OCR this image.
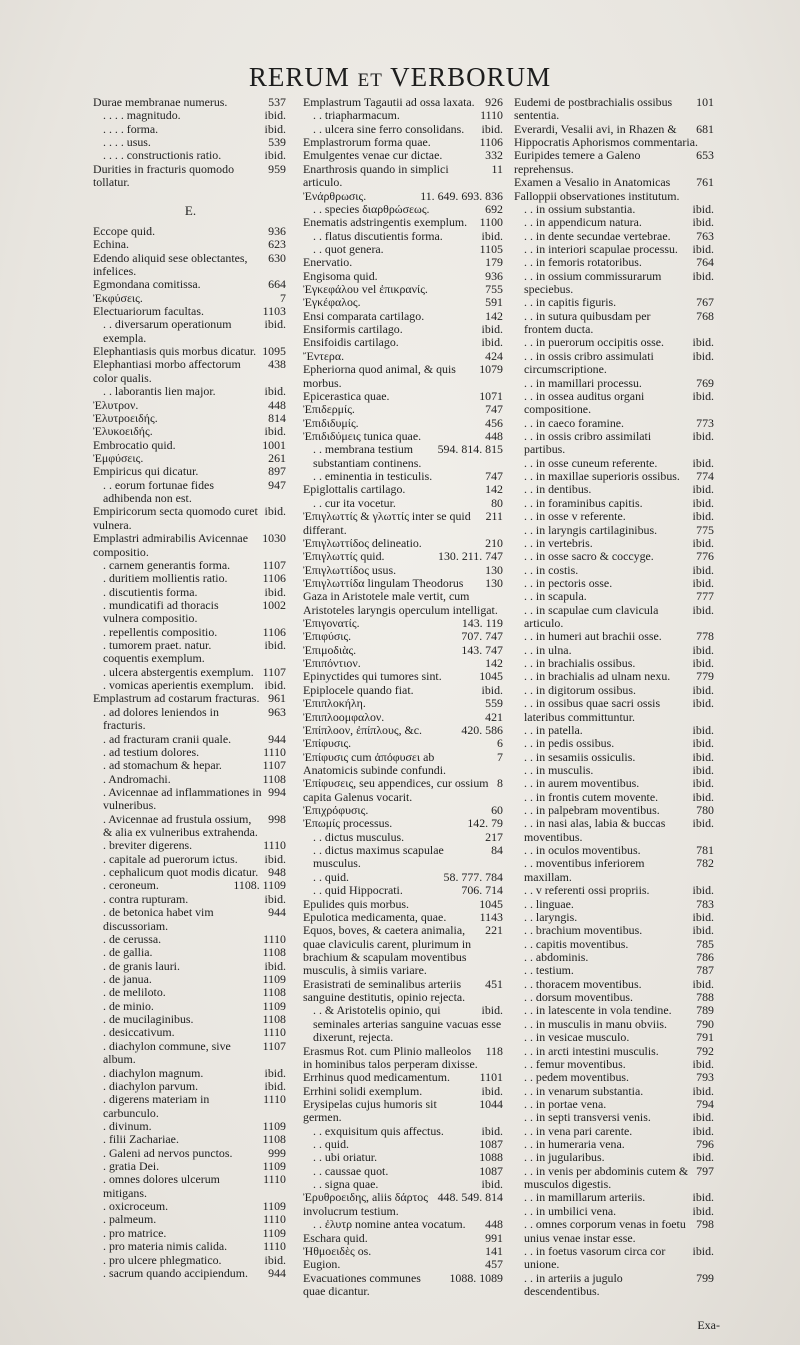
RERUM ET VERBORUM
537
Durae membranae numerus.
ibid.
. . . . magnitudo.
ibid.
. . . . forma.
539
. . . . usus.
ibid.
. . . . constructionis ratio.
959
Durities in fracturis quomodo tollatur.
E.
936
Eccope quid.
623
Echina.
630
Edendo aliquid sese oblectantes, infelices.
664
Egmondana comitissa.
7
Ἐκφύσεις.
1103
Electuariorum facultas.
ibid.
. . diversarum operationum exempla.
1095
Elephantiasis quis morbus dicatur.
438
Elephantiasi morbo affectorum color qualis.
ibid.
. . laborantis lien major.
448
Ἐλυτρον.
814
Ἐλυτροειδής.
ibid.
Ἐλυκοειδής.
1001
Embrocatio quid.
261
Ἐμφύσεις.
897
Empiricus qui dicatur.
947
. . eorum fortunae fides adhibenda non est.
ibid.
Empiricorum secta quomodo curet vulnera.
1030
Emplastri admirabilis Avicennae compositio.
1107
. carnem generantis forma.
1106
. duritiem mollientis ratio.
ibid.
. discutientis forma.
1002
. mundicatifi ad thoracis vulnera compositio.
1106
. repellentis compositio.
ibid.
. tumorem praet. natur. coquentis exemplum.
1107
. ulcera abstergentis exemplum.
ibid.
. vomicas aperientis exemplum.
961
Emplastrum ad costarum fracturas.
963
. ad dolores leniendos in fracturis.
944
. ad fracturam cranii quale.
1110
. ad testium dolores.
1107
. ad stomachum & hepar.
1108
. Andromachi.
994
. Avicennae ad inflammationes in vulneribus.
998
. Avicennae ad frustula ossium, & alia ex vulneribus extrahenda.
1110
. breviter digerens.
ibid.
. capitale ad puerorum ictus.
948
. cephalicum quot modis dicatur.
1108. 1109
. ceroneum.
ibid.
. contra rupturam.
944
. de betonica habet vim discussoriam.
1110
. de cerussa.
1108
. de gallia.
ibid.
. de granis lauri.
1109
. de janua.
1108
. de meliloto.
1109
. de minio.
1108
. de mucilaginibus.
1110
. desiccativum.
1107
. diachylon commune, sive album.
ibid.
. diachylon magnum.
ibid.
. diachylon parvum.
1110
. digerens materiam in carbunculo.
1109
. divinum.
1108
. filii Zachariae.
999
. Galeni ad nervos punctos.
1109
. gratia Dei.
1110
. omnes dolores ulcerum mitigans.
1109
. oxicroceum.
1110
. palmeum.
1109
. pro matrice.
1110
. pro materia nimis calida.
ibid.
. pro ulcere phlegmatico.
944
. sacrum quando accipiendum.
926
Emplastrum Tagautii ad ossa laxata.
1110
. . triapharmacum.
ibid.
. . ulcera sine ferro consolidans.
1106
Emplastrorum forma quae.
332
Emulgentes venae cur dictae.
11
Enarthrosis quando in simplici articulo.
11. 649. 693. 836
Ἐνάρθρωσις.
692
. . species διαρθρώσεως.
1100
Enematis adstringentis exemplum.
ibid.
. . flatus discutientis forma.
1105
. . quot genera.
179
Enervatio.
936
Engisoma quid.
755
Ἐγκεφάλου vel ἐπικρανίς.
591
Ἐγκέφαλος.
142
Ensi comparata cartilago.
ibid.
Ensiformis cartilago.
ibid.
Ensifoidis cartilago.
424
Ἔντερα.
1079
Epheriorna quod animal, & quis morbus.
1071
Epicerastica quae.
747
Ἐπιδερμίς.
456
Ἐπιδιδυμίς.
448
Ἐπιδιδύμεις tunica quae.
594. 814. 815
. . membrana testium substantiam continens.
747
. . eminentia in testiculis.
142
Epiglottalis cartilago.
80
. . cur ita vocetur.
211
Ἐπιγλωττίς & γλωττίς inter se quid differant.
210
Ἐπιγλωττίδος delineatio.
130. 211. 747
Ἐπιγλωττίς quid.
130
Ἐπιγλωττίδος usus.
130
Ἐπιγλωττίδα lingulam Theodorus Gaza in Aristotele male vertit, cum Aristoteles laryngis operculum intelligat.
143. 119
Ἐπιγονατίς.
707. 747
Ἐπιφύσις.
143. 747
Ἐπιμοδιὰς.
142
Ἐπιπόντιον.
1045
Epinyctides qui tumores sint.
ibid.
Epiplocele quando fiat.
559
Ἐπιπλοκήλη.
421
Ἐπιπλοομφαλον.
420. 586
Ἐπίπλοον, ἐπίπλους, &c.
6
Ἐπίφυσις.
7
Ἐπίφυσις cum ἀπόφυσει ab Anatomicis subinde confundi.
8
Ἐπίφυσεις, seu appendices, cur ossium capita Galenus vocarit.
60
Ἐπιχρόφυσις.
142. 79
Ἐπωμίς processus.
217
. . dictus musculus.
84
. . dictus maximus scapulae musculus.
58. 777. 784
. . quid.
706. 714
. . quid Hippocrati.
1045
Epulides quis morbus.
1143
Epulotica medicamenta, quae.
221
Equos, boves, & caetera animalia, quae claviculis carent, plurimum in brachium & scapulam moventibus musculis, à simiis variare.
451
Erasistrati de seminalibus arteriis sanguine destitutis, opinio rejecta.
ibid.
. . & Aristotelis opinio, qui seminales arterias sanguine vacuas esse dixerunt, rejecta.
118
Erasmus Rot. cum Plinio malleolos in hominibus talos perperam dixisse.
1101
Errhinus quod medicamentum.
ibid.
Errhini solidi exemplum.
1044
Erysipelas cujus humoris sit germen.
ibid.
. . exquisitum quis affectus.
1087
. . quid.
1088
. . ubi oriatur.
1087
. . caussae quot.
ibid.
. . signa quae.
448. 549. 814
Ἐρυθροειδης, aliis δάρτος involucrum testium.
448
. . ἐλυτρ nomine antea vocatum.
991
Eschara quid.
141
Ἠθμοειδὲς os.
457
Eugion.
1088. 1089
Evacuationes communes quae dicantur.
101
Eudemi de postbrachialis ossibus sententia.
681
Everardi, Vesalii avi, in Rhazen & Hippocratis Aphorismos commentaria.
653
Euripides temere a Galeno reprehensus.
761
Examen a Vesalio in Anatomicas Falloppii observationes institutum.
ibid.
. . in ossium substantia.
ibid.
. . in appendicum natura.
763
. . in dente secundae vertebrae.
ibid.
. . in interiori scapulae processu.
764
. . in femoris rotatoribus.
ibid.
. . in ossium commissurarum speciebus.
767
. . in capitis figuris.
768
. . in sutura quibusdam per frontem ducta.
ibid.
. . in puerorum occipitis osse.
ibid.
. . in ossis cribro assimulati circumscriptione.
769
. . in mamillari processu.
ibid.
. . in ossea auditus organi compositione.
773
. . in caeco foramine.
ibid.
. . in ossis cribro assimilati partibus.
ibid.
. . in osse cuneum referente.
774
. . in maxillae superioris ossibus.
ibid.
. . in dentibus.
ibid.
. . in foraminibus capitis.
ibid.
. . in osse v referente.
775
. . in laryngis cartilaginibus.
ibid.
. . in vertebris.
776
. . in osse sacro & coccyge.
ibid.
. . in costis.
ibid.
. . in pectoris osse.
777
. . in scapula.
ibid.
. . in scapulae cum clavicula articulo.
778
. . in humeri aut brachii osse.
ibid.
. . in ulna.
ibid.
. . in brachialis ossibus.
779
. . in brachialis ad ulnam nexu.
ibid.
. . in digitorum ossibus.
ibid.
. . in ossibus quae sacri ossis lateribus committuntur.
ibid.
. . in patella.
ibid.
. . in pedis ossibus.
ibid.
. . in sesamiis ossiculis.
ibid.
. . in musculis.
ibid.
. . in aurem moventibus.
ibid.
. . in frontis cutem movente.
780
. . in palpebram moventibus.
ibid.
. . in nasi alas, labia & buccas moventibus.
781
. . in oculos moventibus.
782
. . moventibus inferiorem maxillam.
ibid.
. . v referenti ossi propriis.
783
. . linguae.
ibid.
. . laryngis.
ibid.
. . brachium moventibus.
785
. . capitis moventibus.
786
. . abdominis.
787
. . testium.
ibid.
. . thoracem moventibus.
788
. . dorsum moventibus.
789
. . in latescente in vola tendine.
790
. . in musculis in manu obviis.
791
. . in vesicae musculo.
792
. . in arcti intestini musculis.
ibid.
. . femur moventibus.
793
. . pedem moventibus.
ibid.
. . in venarum substantia.
794
. . in portae vena.
ibid.
. . in septi transversi venis.
ibid.
. . in vena pari carente.
796
. . in humeraria vena.
ibid.
. . in jugularibus.
797
. . in venis per abdominis cutem & musculos digestis.
ibid.
. . in mamillarum arteriis.
ibid.
. . in umbilici vena.
798
. . omnes corporum venas in foetu unius venae instar esse.
ibid.
. . in foetus vasorum circa cor unione.
799
. . in arteriis a jugulo descendentibus.
Exa-
